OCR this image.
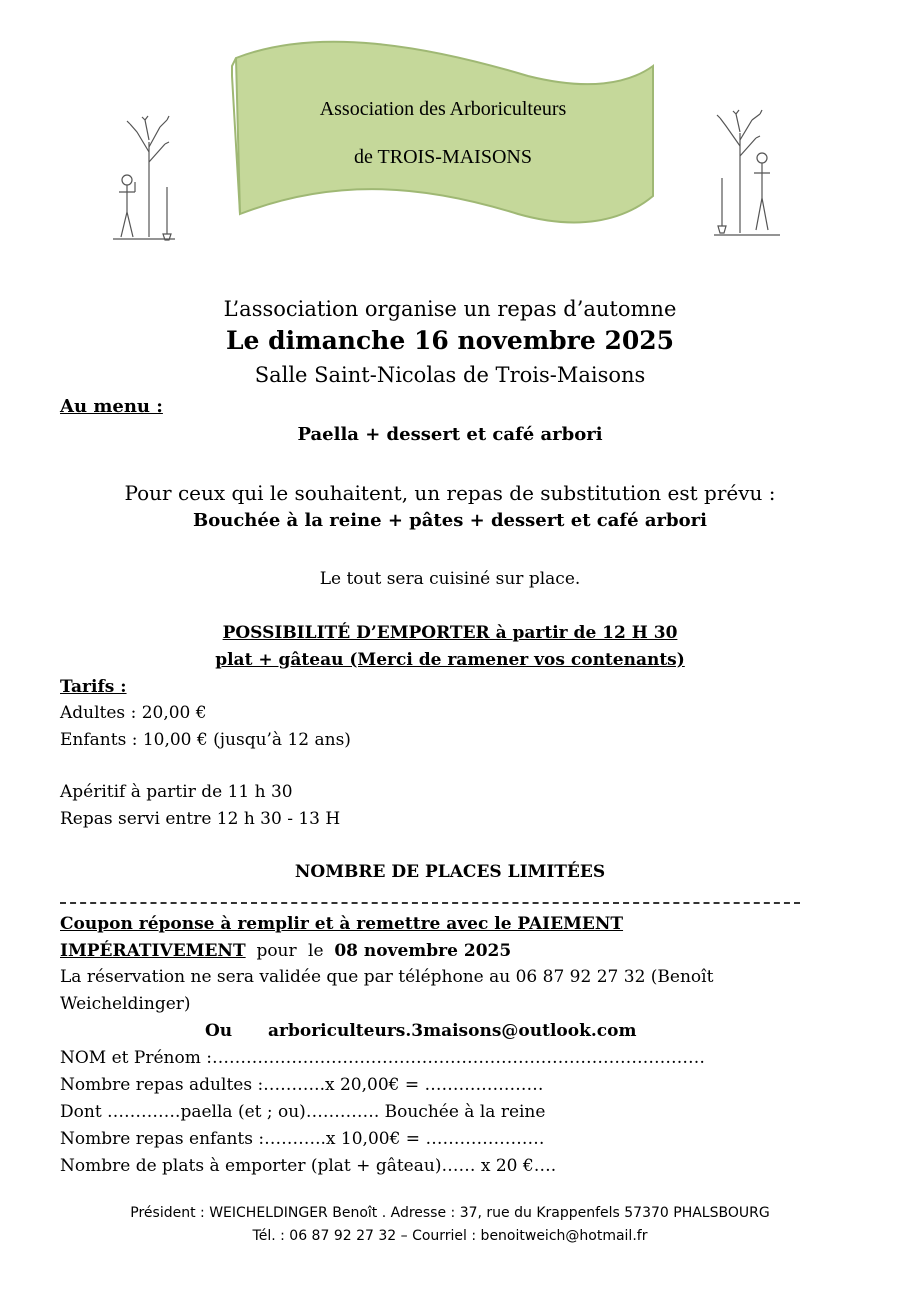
Association des Arboriculteurs
de TROIS-MAISONS
L’association organise un repas d’automne
Le dimanche 16 novembre 2025
Salle Saint-Nicolas de Trois-Maisons
Au menu :
Paella + dessert et café arbori
Pour ceux qui le souhaitent, un repas de substitution est prévu :
Bouchée à la reine + pâtes + dessert et café arbori
Le tout sera cuisiné sur place.
POSSIBILITÉ D’EMPORTER à partir de 12 H 30
plat + gâteau (Merci de ramener vos contenants)
Tarifs :
Adultes : 20,00 €
Enfants : 10,00 € (jusqu’à 12 ans)
Apéritif à partir de 11 h 30
Repas servi entre 12 h 30 - 13 H
NOMBRE DE PLACES LIMITÉES
Coupon réponse à remplir et à remettre avec le PAIEMENT
IMPÉRATIVEMENT pour le 08 novembre 2025
La réservation ne sera validée que par téléphone au 06 87 92 27 32 (Benoît
Weicheldinger)
Ou arboriculteurs.3maisons@outlook.com
NOM et Prénom :……………………………………………………………………………
Nombre repas adultes :………..x 20,00€ = …………………
Dont ………….paella (et ; ou)…………. Bouchée à la reine
Nombre repas enfants :………..x 10,00€ = …………………
Nombre de plats à emporter (plat + gâteau)…… x 20 €….
Président : WEICHELDINGER Benoît . Adresse : 37, rue du Krappenfels 57370 PHALSBOURG
Tél. : 06 87 92 27 32 – Courriel : benoitweich@hotmail.fr
